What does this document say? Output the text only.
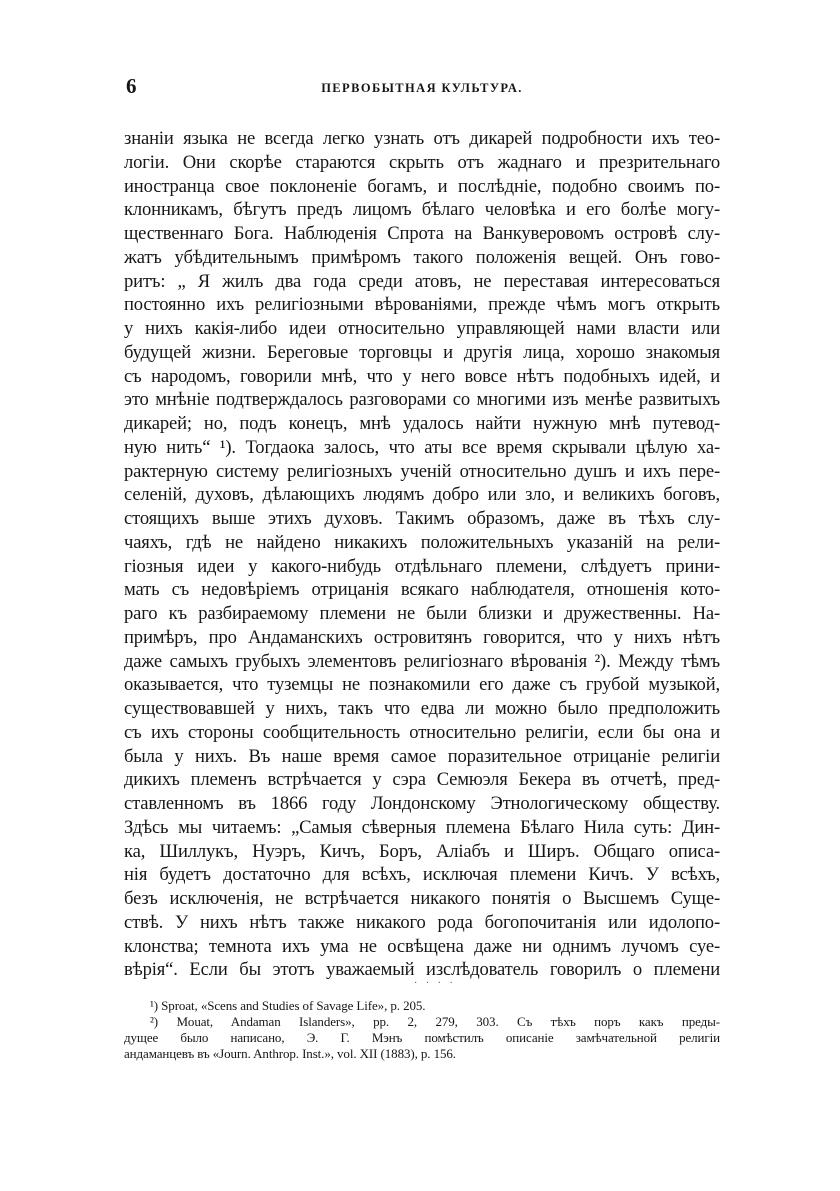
6	ПЕРВОБЫТНАЯ КУЛЬТУРА.
знаніи языка не всегда легко узнать отъ дикарей подробности ихъ тео-
логіи. Они скорѣе стараются скрыть отъ жаднаго и презрительнаго
иностранца свое поклоненіе богамъ, и послѣдніе, подобно своимъ по-
клонникамъ, бѣгутъ предъ лицомъ бѣлаго человѣка и его болѣе могу-
щественнаго Бога. Наблюденія Спрота на Ванкуверовомъ островѣ слу-
жатъ убѣдительнымъ примѣромъ такого положенія вещей. Онъ гово-
ритъ: „ Я жилъ два года среди атовъ, не переставая интересоваться
постоянно ихъ религіозными вѣрованіями, прежде чѣмъ могъ открыть
у нихъ какія-либо идеи относительно управляющей нами власти или
будущей жизни. Береговые торговцы и другія лица, хорошо знакомыя
съ народомъ, говорили мнѣ, что у него вовсе нѣтъ подобныхъ идей, и
это мнѣніе подтверждалось разговорами со многими изъ менѣе развитыхъ
дикарей; но, подъ конецъ, мнѣ удалось найти нужную мнѣ путевод-
ную нить“ ¹). Тогдаока залось, что аты все время скрывали цѣлую ха-
рактерную систему религіозныхъ ученій относительно душъ и ихъ пере-
селеній, духовъ, дѣлающихъ людямъ добро или зло, и великихъ боговъ,
стоящихъ выше этихъ духовъ. Такимъ образомъ, даже въ тѣхъ слу-
чаяхъ, гдѣ не найдено никакихъ положительныхъ указаній на рели-
гіозныя идеи у какого-нибудь отдѣльнаго племени, слѣдуетъ прини-
мать съ недовѣріемъ отрицанія всякаго наблюдателя, отношенія кото-
раго къ разбираемому племени не были близки и дружественны. На-
примѣръ, про Андаманскихъ островитянъ говорится, что у нихъ нѣтъ
даже самыхъ грубыхъ элементовъ религіознаго вѣрованія ²). Между тѣмъ
оказывается, что туземцы не познакомили его даже съ грубой музыкой,
существовавшей у нихъ, такъ что едва ли можно было предположить
съ ихъ стороны сообщительность относительно религіи, если бы она и
была у нихъ. Въ наше время самое поразительное отрицаніе религіи
дикихъ племенъ встрѣчается у сэра Семюэля Бекера въ отчетѣ, пред-
ставленномъ въ 1866 году Лондонскому Этнологическому обществу.
Здѣсь мы читаемъ: „Самыя сѣверныя племена Бѣлаго Нила суть: Дин-
ка, Шиллукъ, Нуэръ, Кичъ, Боръ, Аліабъ и Ширъ. Общаго описа-
нія будетъ достаточно для всѣхъ, исключая племени Кичъ. У всѣхъ,
безъ исключенія, не встрѣчается никакого понятія о Высшемъ Суще-
ствѣ. У нихъ нѣтъ также никакого рода богопочитанія или идолопо-
клонства; темнота ихъ ума не освѣщена даже ни однимъ лучомъ суе-
вѣрія“. Если бы этотъ уважаемый изслѣдователь говорилъ о племени
· · · ·
¹) Sproat, «Scens and Studies of Savage Life», p. 205.
²) Mouat, Andaman Islanders», pp. 2, 279, 303. Съ тѣхъ поръ какъ преды-
дущее было написано, Э. Г. Мэнъ помѣстилъ описаніе замѣчательной религіи
андаманцевъ въ «Journ. Anthrop. Inst.», vol. XII (1883), p. 156.
